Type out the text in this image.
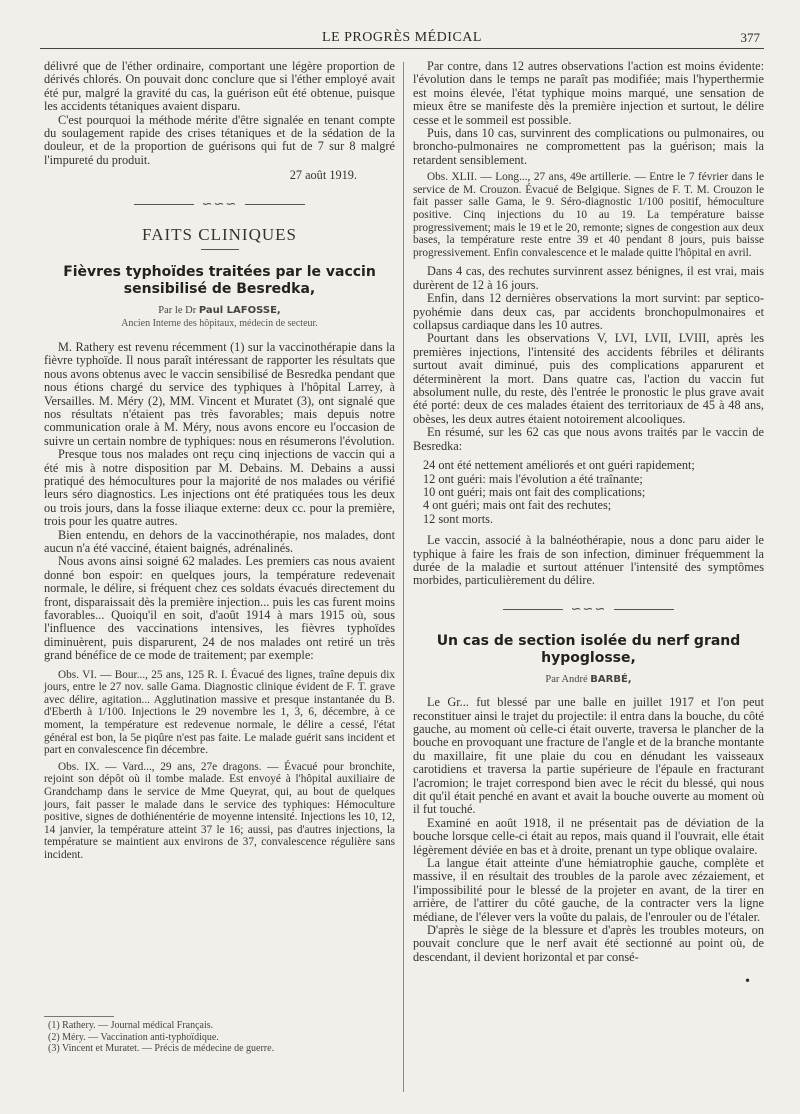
LE PROGRÈS MÉDICAL	377

délivré que de l'éther ordinaire, comportant une légère proportion de dérivés chlorés. On pouvait donc conclure que si l'éther employé avait été pur, malgré la gravité du cas, la guérison eût été obtenue, puisque les accidents tétaniques avaient disparu.

C'est pourquoi la méthode mérite d'être signalée en tenant compte du soulagement rapide des crises tétaniques et de la sédation de la douleur, et de la proportion de guérisons qui fut de 7 sur 8 malgré l'impureté du produit.

27 août 1919.
∽∽∽
FAITS CLINIQUES
Fièvres typhoïdes traitées par le vaccin sensibilisé de Besredka,
Par le Dr Paul LAFOSSE,
Ancien Interne des hôpitaux, médecin de secteur.

M. Rathery est revenu récemment (1) sur la vaccinothérapie dans la fièvre typhoïde. Il nous paraît intéressant de rapporter les résultats que nous avons obtenus avec le vaccin sensibilisé de Besredka pendant que nous étions chargé du service des typhiques à l'hôpital Larrey, à Versailles. M. Méry (2), MM. Vincent et Muratet (3), ont signalé que nos résultats n'étaient pas très favorables; mais depuis notre communication orale à M. Méry, nous avons encore eu l'occasion de suivre un certain nombre de typhiques: nous en résumerons l'évolution.

Presque tous nos malades ont reçu cinq injections de vaccin qui a été mis à notre disposition par M. Debains. M. Debains a aussi pratiqué des hémocultures pour la majorité de nos malades ou vérifié leurs séro diagnostics. Les injections ont été pratiquées tous les deux ou trois jours, dans la fosse iliaque externe: deux cc. pour la première, trois pour les quatre autres.

Bien entendu, en dehors de la vaccinothérapie, nos malades, dont aucun n'a été vacciné, étaient baignés, adrénalinés.

Nous avons ainsi soigné 62 malades. Les premiers cas nous avaient donné bon espoir: en quelques jours, la température redevenait normale, le délire, si fréquent chez ces soldats évacués directement du front, disparaissait dès la première injection... puis les cas furent moins favorables... Quoiqu'il en soit, d'août 1914 à mars 1915 où, sous l'influence des vaccinations intensives, les fièvres typhoïdes diminuèrent, puis disparurent, 24 de nos malades ont retiré un très grand bénéfice de ce mode de traitement; par exemple:

Obs. VI. — Bour..., 25 ans, 125 R. I. Évacué des lignes, traîne depuis dix jours, entre le 27 nov. salle Gama. Diagnostic clinique évident de F. T. grave avec délire, agitation... Agglutination massive et presque instantanée du B. d'Eberth à 1/100. Injections le 29 novembre les 1, 3, 6, décembre, à ce moment, la température est redevenue normale, le délire a cessé, l'état général est bon, la 5e piqûre n'est pas faite. Le malade guérit sans incident et part en convalescence fin décembre.

Obs. IX. — Vard..., 29 ans, 27e dragons. — Évacué pour bronchite, rejoint son dépôt où il tombe malade. Est envoyé à l'hôpital auxiliaire de Grandchamp dans le service de Mme Queyrat, qui, au bout de quelques jours, fait passer le malade dans le service des typhiques: Hémoculture positive, signes de dothiénentérie de moyenne intensité. Injections les 10, 12, 14 janvier, la température atteint 37 le 16; aussi, pas d'autres injections, la température se maintient aux environs de 37, convalescence régulière sans incident.

(1) Rathery. — Journal médical Français.
(2) Méry. — Vaccination anti-typhoïdique.
(3) Vincent et Muratet. — Précis de médecine de guerre.

Par contre, dans 12 autres observations l'action est moins évidente: l'évolution dans le temps ne paraît pas modifiée; mais l'hyperthermie est moins élevée, l'état typhique moins marqué, une sensation de mieux être se manifeste dès la première injection et surtout, le délire cesse et le sommeil est possible.

Puis, dans 10 cas, survinrent des complications ou pulmonaires, ou broncho-pulmonaires ne compromettent pas la guérison; mais la retardent sensiblement.

Obs. XLII. — Long..., 27 ans, 49e artillerie. — Entre le 7 février dans le service de M. Crouzon. Évacué de Belgique. Signes de F. T. M. Crouzon le fait passer salle Gama, le 9. Séro-diagnostic 1/100 positif, hémoculture positive. Cinq injections du 10 au 19. La température baisse progressivement; mais le 19 et le 20, remonte; signes de congestion aux deux bases, la température reste entre 39 et 40 pendant 8 jours, puis baisse progressivement. Enfin convalescence et le malade quitte l'hôpital en avril.

Dans 4 cas, des rechutes survinrent assez bénignes, il est vrai, mais durèrent de 12 à 16 jours.

Enfin, dans 12 dernières observations la mort survint: par septico-pyohémie dans deux cas, par accidents bronchopulmonaires et collapsus cardiaque dans les 10 autres.

Pourtant dans les observations V, LVI, LVII, LVIII, après les premières injections, l'intensité des accidents fébriles et délirants surtout avait diminué, puis des complications apparurent et déterminèrent la mort. Dans quatre cas, l'action du vaccin fut absolument nulle, du reste, dès l'entrée le pronostic le plus grave avait été porté: deux de ces malades étaient des territoriaux de 45 à 48 ans, obèses, les deux autres étaient notoirement alcooliques.

En résumé, sur les 62 cas que nous avons traités par le vaccin de Besredka:

24 ont été nettement améliorés et ont guéri rapidement;
12 ont guéri: mais l'évolution a été traînante;
10 ont guéri; mais ont fait des complications;
4 ont guéri; mais ont fait des rechutes;
12 sont morts.

Le vaccin, associé à la balnéothérapie, nous a donc paru aider le typhique à faire les frais de son infection, diminuer fréquemment la durée de la maladie et surtout atténuer l'intensité des symptômes morbides, particulièrement du délire.

∽∽∽
Un cas de section isolée du nerf grand hypoglosse,
Par André BARBÉ,

Le Gr... fut blessé par une balle en juillet 1917 et l'on peut reconstituer ainsi le trajet du projectile: il entra dans la bouche, du côté gauche, au moment où celle-ci était ouverte, traversa le plancher de la bouche en provoquant une fracture de l'angle et de la branche montante du maxillaire, fit une plaie du cou en dénudant les vaisseaux carotidiens et traversa la partie supérieure de l'épaule en fracturant l'acromion; le trajet correspond bien avec le récit du blessé, qui nous dit qu'il était penché en avant et avait la bouche ouverte au moment où il fut touché.

Examiné en août 1918, il ne présentait pas de déviation de la bouche lorsque celle-ci était au repos, mais quand il l'ouvrait, elle était légèrement déviée en bas et à droite, prenant un type oblique ovalaire.

La langue était atteinte d'une hémiatrophie gauche, complète et massive, il en résultait des troubles de la parole avec zézaiement, et l'impossibilité pour le blessé de la projeter en avant, de la tirer en arrière, de l'attirer du côté gauche, de la contracter vers la ligne médiane, de l'élever vers la voûte du palais, de l'enrouler ou de l'étaler.

D'après le siège de la blessure et d'après les troubles moteurs, on pouvait conclure que le nerf avait été sectionné au point où, de descendant, il devient horizontal et par consé-

•
